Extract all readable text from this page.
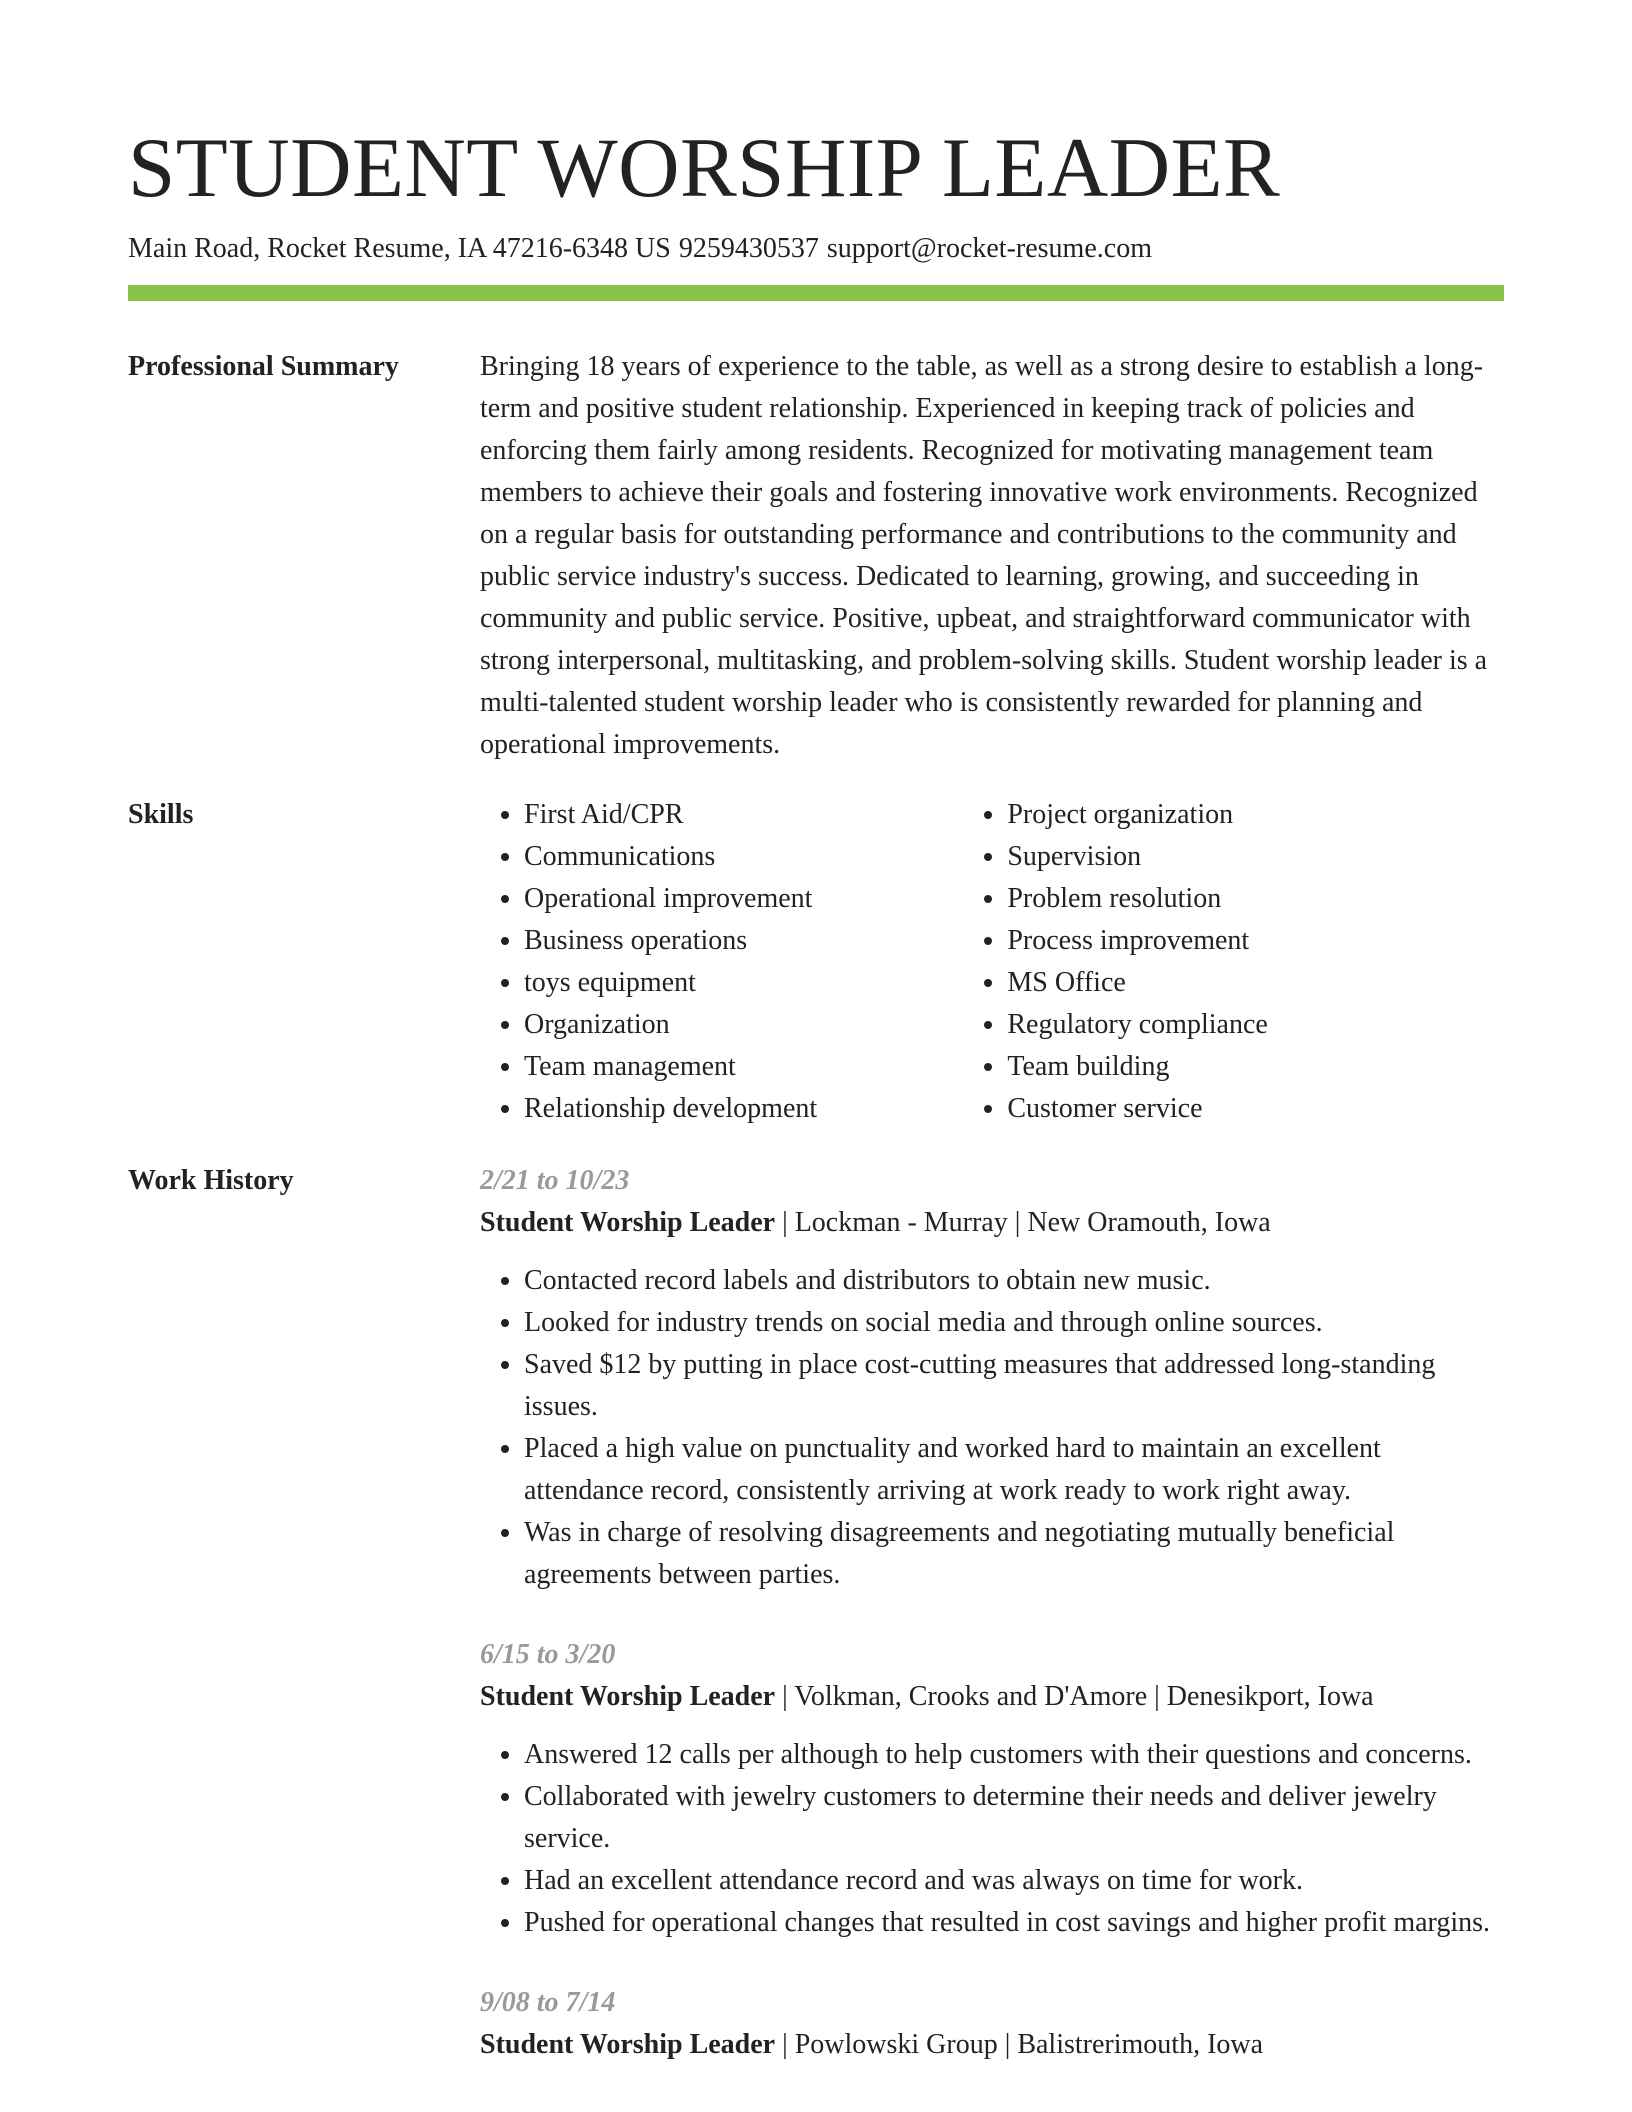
STUDENT WORSHIP LEADER
Main Road, Rocket Resume, IA 47216-6348 US 9259430537 support@rocket-resume.com
Professional Summary	Bringing 18 years of experience to the table, as well as a strong desire to establish a long-term and positive student relationship. Experienced in keeping track of policies and enforcing them fairly among residents. Recognized for motivating management team members to achieve their goals and fostering innovative work environments. Recognized on a regular basis for outstanding performance and contributions to the community and public service industry's success. Dedicated to learning, growing, and succeeding in community and public service. Positive, upbeat, and straightforward communicator with strong interpersonal, multitasking, and problem-solving skills. Student worship leader is a multi-talented student worship leader who is consistently rewarded for planning and operational improvements.

Skills
•	First Aid/CPR
• Communications
• Operational improvement
• Business operations
• toys equipment
• Organization
• Team management
• Relationship development
• Project organization
• Supervision
• Problem resolution
• Process improvement
• MS Office
• Regulatory compliance
• Team building
• Customer service
Work History	2/21 to 10/23
Student Worship Leader | Lockman - Murray | New Oramouth, Iowa
• Contacted record labels and distributors to obtain new music.
• Looked for industry trends on social media and through online sources.
• Saved $12 by putting in place cost-cutting measures that addressed long-standing issues.
• Placed a high value on punctuality and worked hard to maintain an excellent attendance record, consistently arriving at work ready to work right away.
• Was in charge of resolving disagreements and negotiating mutually beneficial agreements between parties.
6/15 to 3/20
Student Worship Leader | Volkman, Crooks and D'Amore | Denesikport, Iowa
• Answered 12 calls per although to help customers with their questions and concerns.
• Collaborated with jewelry customers to determine their needs and deliver jewelry service.
• Had an excellent attendance record and was always on time for work.
• Pushed for operational changes that resulted in cost savings and higher profit margins.
9/08 to 7/14
Student Worship Leader | Powlowski Group | Balistrerimouth, Iowa
